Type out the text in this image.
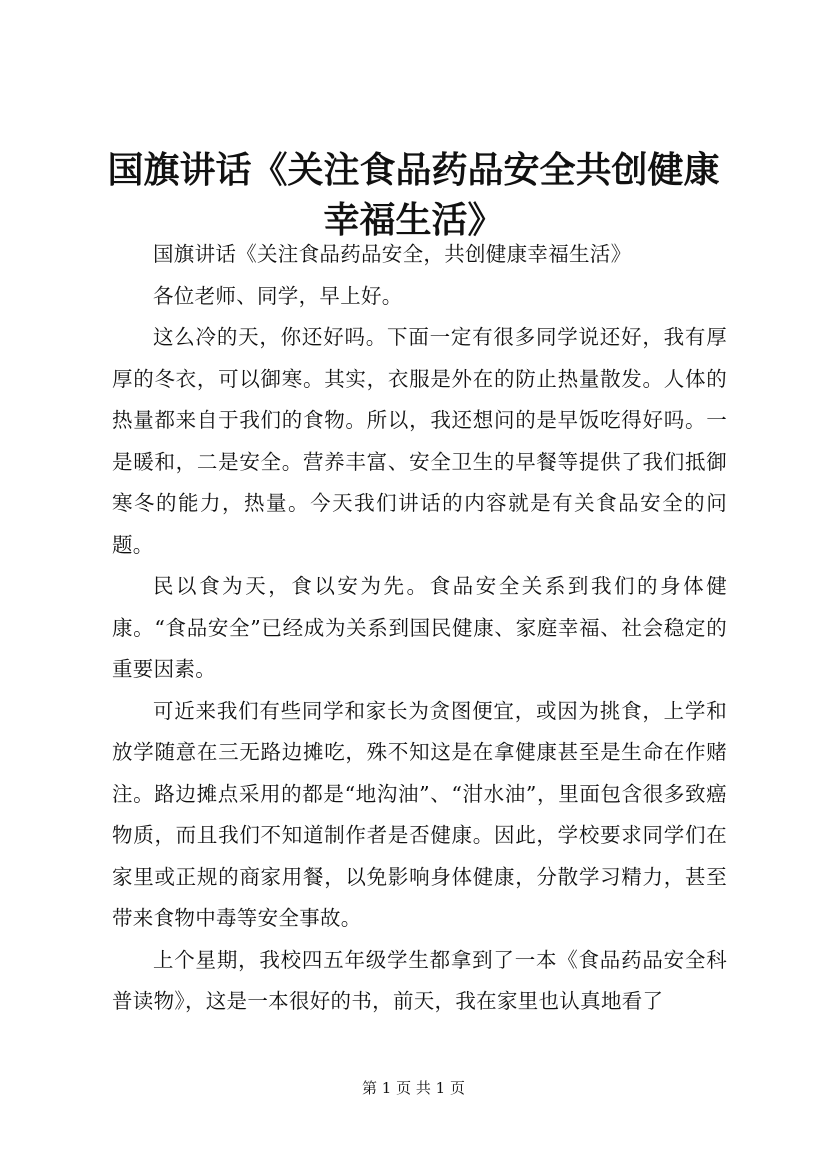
国旗讲话《关注食品药品安全共创健康幸福生活》

国旗讲话《关注食品药品安全，共创健康幸福生活》

各位老师、同学，早上好。

这么冷的天，你还好吗。下面一定有很多同学说还好，我有厚厚的冬衣，可以御寒。其实，衣服是外在的防止热量散发。人体的热量都来自于我们的食物。所以，我还想问的是早饭吃得好吗。一是暖和，二是安全。营养丰富、安全卫生的早餐等提供了我们抵御寒冬的能力，热量。今天我们讲话的内容就是有关食品安全的问题。

民以食为天，食以安为先。食品安全关系到我们的身体健康。“食品安全”已经成为关系到国民健康、家庭幸福、社会稳定的重要因素。

可近来我们有些同学和家长为贪图便宜，或因为挑食，上学和放学随意在三无路边摊吃，殊不知这是在拿健康甚至是生命在作赌注。路边摊点采用的都是“地沟油”、“泔水油”，里面包含很多致癌物质，而且我们不知道制作者是否健康。因此，学校要求同学们在家里或正规的商家用餐，以免影响身体健康，分散学习精力，甚至带来食物中毒等安全事故。

上个星期，我校四五年级学生都拿到了一本《食品药品安全科普读物》，这是一本很好的书，前天，我在家里也认真地看了

第 1 页 共 1 页
